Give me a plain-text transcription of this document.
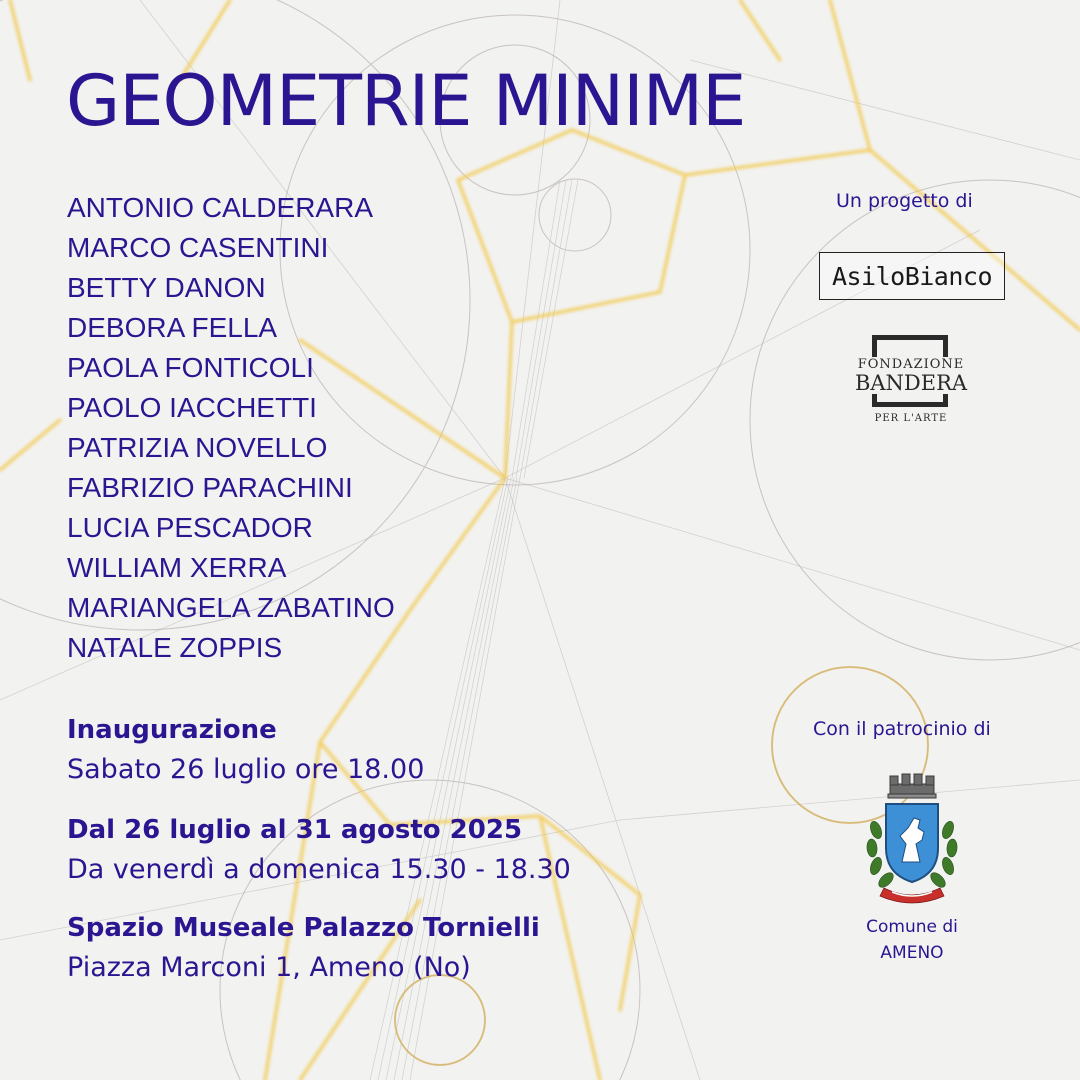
GEOMETRIE MINIME
ANTONIO CALDERARA
MARCO CASENTINI
BETTY DANON
DEBORA FELLA
PAOLA FONTICOLI
PAOLO IACCHETTI
PATRIZIA NOVELLO
FABRIZIO PARACHINI
LUCIA PESCADOR
WILLIAM XERRA
MARIANGELA ZABATINO
NATALE ZOPPIS
Inaugurazione
Sabato 26 luglio ore 18.00
Dal 26 luglio al 31 agosto 2025
Da venerdì a domenica 15.30 - 18.30
Spazio Museale Palazzo Tornielli
Piazza Marconi 1, Ameno (No)
Un progetto di
AsiloBianco
FONDAZIONE
BANDERA
PER L'ARTE
Con il patrocinio di
Comune di
AMENO
